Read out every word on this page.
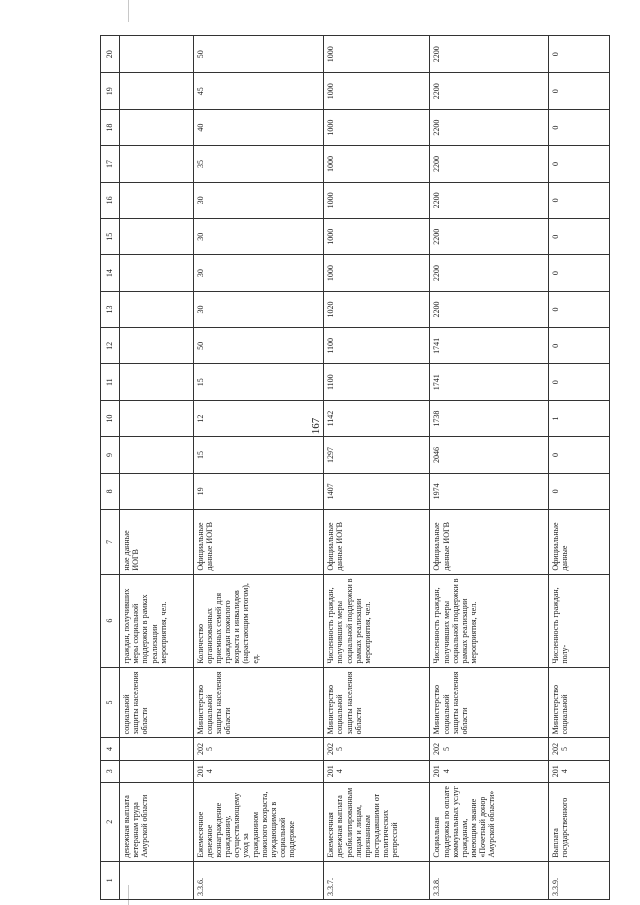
167
1	2	3	4	5	6	7	8	9	10	11	12	13	14	15	16	17	18	19	20
	денежная выплата ветеранам труда Амурской области			социальной защиты населения области	граждан, получивших меры социальной поддержки в рамках реализации мероприятия, чел.	ные данные ИОГВ													
3.3.6.	Ежемесячное денежное вознаграждение гражданину, осуществляющему уход за гражданином пожилого возраста, нуждающимся в социальной поддержке	2014	2025	Министерство социальной защиты населения области	Количество организованных приемных семей для граждан пожилого возраста и инвалидов (нарастающим итогом), ед.	Официальные данные ИОГВ	19	15	12	15	50	30	30	30	30	35	40	45	50
3.3.7.	Ежемесячная денежная выплата реабилитированным лицам и лицам, признанным пострадавшими от политических репрессий	2014	2025	Министерство социальной защиты населения области	Численность граждан, получивших меры социальной поддержки в рамках реализации мероприятия, чел.	Официальные данные ИОГВ	1407	1297	1142	1100	1100	1020	1000	1000	1000	1000	1000	1000	1000
3.3.8.	Социальная поддержка по оплате коммунальных услуг гражданам, имеющим звание «Почетный донор Амурской области»	2014	2025	Министерство социальной защиты населения области	Численность граждан, получивших меры социальной поддержки в рамках реализации мероприятия, чел.	Официальные данные ИОГВ	1974	2046	1738	1741	1741	2200	2200	2200	2200	2200	2200	2200	2200
3.3.9.	Выплата государственного	2014	2025	Министерство социальной	Численность граждан, полу-	Официальные данные	0	0	1	0	0	0	0	0	0	0	0	0	0
